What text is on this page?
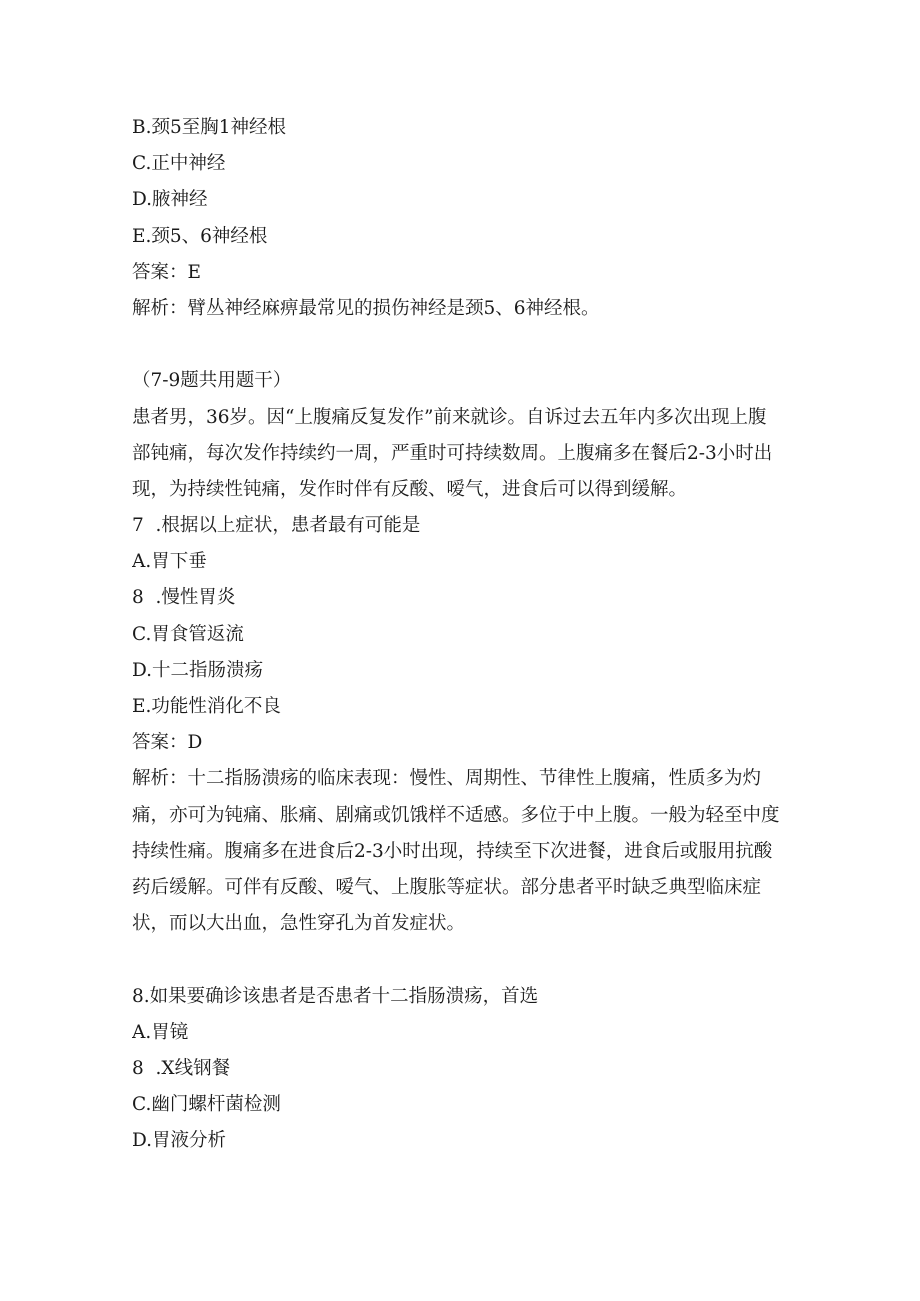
B.颈5至胸1神经根
C.正中神经
D.腋神经
E.颈5、6神经根
答案：E
解析：臂丛神经麻痹最常见的损伤神经是颈5、6神经根。
（7-9题共用题干）
患者男，36岁。因“上腹痛反复发作”前来就诊。自诉过去五年内多次出现上腹
部钝痛，每次发作持续约一周，严重时可持续数周。上腹痛多在餐后2-3小时出
现，为持续性钝痛，发作时伴有反酸、嗳气，进食后可以得到缓解。
7  .根据以上症状，患者最有可能是
A.胃下垂
8  .慢性胃炎
C.胃食管返流
D.十二指肠溃疡
E.功能性消化不良
答案：D
解析：十二指肠溃疡的临床表现：慢性、周期性、节律性上腹痛，性质多为灼
痛，亦可为钝痛、胀痛、剧痛或饥饿样不适感。多位于中上腹。一般为轻至中度
持续性痛。腹痛多在进食后2-3小时出现，持续至下次进餐，进食后或服用抗酸
药后缓解。可伴有反酸、嗳气、上腹胀等症状。部分患者平时缺乏典型临床症
状，而以大出血，急性穿孔为首发症状。
8.如果要确诊该患者是否患者十二指肠溃疡，首选
A.胃镜
8  .X线钢餐
C.幽门螺杆菌检测
D.胃液分析
